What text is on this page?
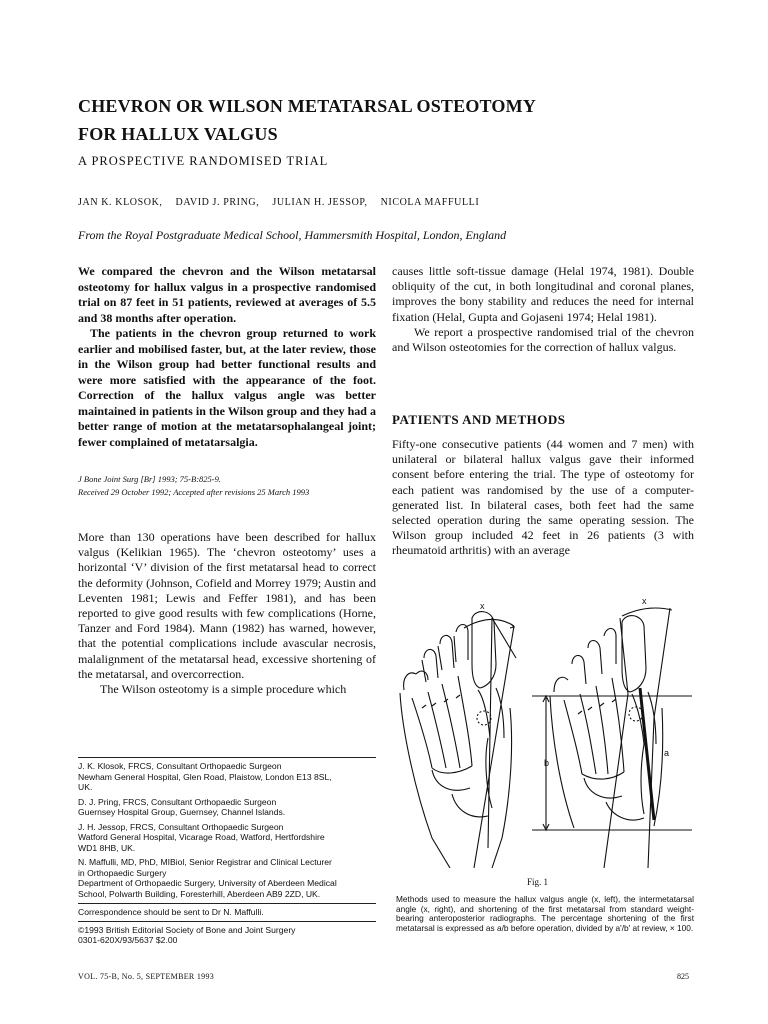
CHEVRON OR WILSON METATARSAL OSTEOTOMY
FOR HALLUX VALGUS

A PROSPECTIVE RANDOMISED TRIAL

JAN K. KLOSOK, DAVID J. PRING, JULIAN H. JESSOP, NICOLA MAFFULLI

From the Royal Postgraduate Medical School, Hammersmith Hospital, London, England

We compared the chevron and the Wilson metatarsal osteotomy for hallux valgus in a prospective randomised trial on 87 feet in 51 patients, reviewed at averages of 5.5 and 38 months after operation.

The patients in the chevron group returned to work earlier and mobilised faster, but, at the later review, those in the Wilson group had better functional results and were more satisfied with the appearance of the foot. Correction of the hallux valgus angle was better maintained in patients in the Wilson group and they had a better range of motion at the metatarsophalangeal joint; fewer complained of metatarsalgia.

J Bone Joint Surg [Br] 1993; 75-B:825-9.
Received 29 October 1992; Accepted after revisions 25 March 1993

More than 130 operations have been described for hallux valgus (Kelikian 1965). The ‘chevron osteotomy’ uses a horizontal ‘V’ division of the first metatarsal head to correct the deformity (Johnson, Cofield and Morrey 1979; Austin and Leventen 1981; Lewis and Feffer 1981), and has been reported to give good results with few complications (Horne, Tanzer and Ford 1984). Mann (1982) has warned, however, that the potential complications include avascular necrosis, malalignment of the metatarsal head, excessive shortening of the metatarsal, and overcorrection.

The Wilson osteotomy is a simple procedure which

causes little soft-tissue damage (Helal 1974, 1981). Double obliquity of the cut, in both longitudinal and coronal planes, improves the bony stability and reduces the need for internal fixation (Helal, Gupta and Gojaseni 1974; Helal 1981).

We report a prospective randomised trial of the chevron and Wilson osteotomies for the correction of hallux valgus.

PATIENTS AND METHODS

Fifty-one consecutive patients (44 women and 7 men) with unilateral or bilateral hallux valgus gave their informed consent before entering the trial. The type of osteotomy for each patient was randomised by the use of a computer-generated list. In bilateral cases, both feet had the same selected operation during the same operating session. The Wilson group included 42 feet in 26 patients (3 with rheumatoid arthritis) with an average

J. K. Klosok, FRCS, Consultant Orthopaedic Surgeon
Newham General Hospital, Glen Road, Plaistow, London E13 8SL,
UK.
D. J. Pring, FRCS, Consultant Orthopaedic Surgeon
Guernsey Hospital Group, Guernsey, Channel Islands.
J. H. Jessop, FRCS, Consultant Orthopaedic Surgeon
Watford General Hospital, Vicarage Road, Watford, Hertfordshire
WD1 8HB, UK.
N. Maffulli, MD, PhD, MIBiol, Senior Registrar and Clinical Lecturer
in Orthopaedic Surgery
Department of Orthopaedic Surgery, University of Aberdeen Medical
School, Polwarth Building, Foresterhill, Aberdeen AB9 2ZD, UK.
Correspondence should be sent to Dr N. Maffulli.
©1993 British Editorial Society of Bone and Joint Surgery
0301-620X/93/5637 $2.00
x	x
a
b
Fig. 1
Methods used to measure the hallux valgus angle (x, left), the intermetatarsal angle (x, right), and shortening of the first metatarsal from standard weight-bearing anteroposterior radiographs. The percentage shortening of the first metatarsal is expressed as a/b before operation, divided by a'/b' at review, × 100.
VOL. 75-B, No. 5, SEPTEMBER 1993	825
